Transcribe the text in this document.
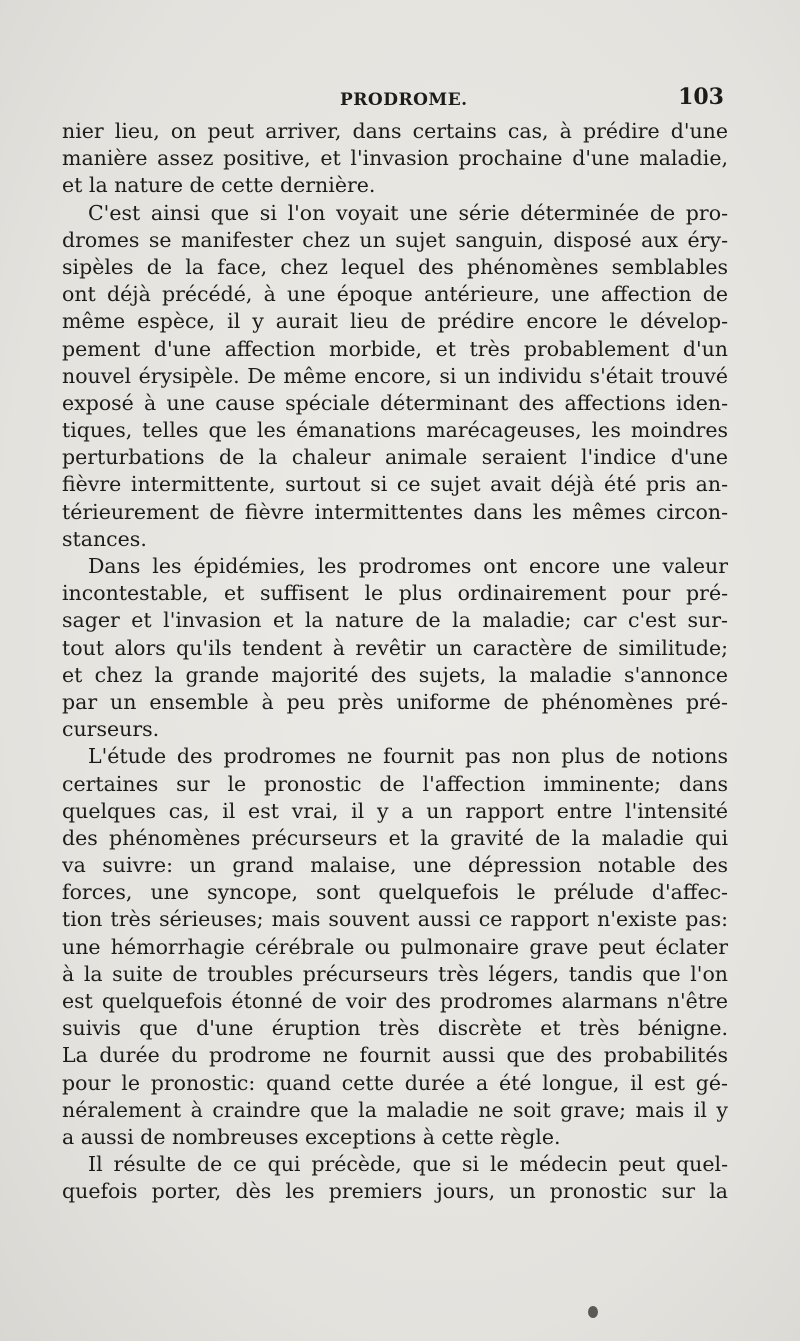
PRODROME.	103
nier lieu, on peut arriver, dans certains cas, à prédire d'une
manière assez positive, et l'invasion prochaine d'une maladie,
et la nature de cette dernière.
C'est ainsi que si l'on voyait une série déterminée de pro-
dromes se manifester chez un sujet sanguin, disposé aux éry-
sipèles de la face, chez lequel des phénomènes semblables
ont déjà précédé, à une époque antérieure, une affection de
même espèce, il y aurait lieu de prédire encore le dévelop-
pement d'une affection morbide, et très probablement d'un
nouvel érysipèle. De même encore, si un individu s'était trouvé
exposé à une cause spéciale déterminant des affections iden-
tiques, telles que les émanations marécageuses, les moindres
perturbations de la chaleur animale seraient l'indice d'une
fièvre intermittente, surtout si ce sujet avait déjà été pris an-
térieurement de fièvre intermittentes dans les mêmes circon-
stances.
Dans les épidémies, les prodromes ont encore une valeur
incontestable, et suffisent le plus ordinairement pour pré-
sager et l'invasion et la nature de la maladie; car c'est sur-
tout alors qu'ils tendent à revêtir un caractère de similitude;
et chez la grande majorité des sujets, la maladie s'annonce
par un ensemble à peu près uniforme de phénomènes pré-
curseurs.
L'étude des prodromes ne fournit pas non plus de notions
certaines sur le pronostic de l'affection imminente; dans
quelques cas, il est vrai, il y a un rapport entre l'intensité
des phénomènes précurseurs et la gravité de la maladie qui
va suivre: un grand malaise, une dépression notable des
forces, une syncope, sont quelquefois le prélude d'affec-
tion très sérieuses; mais souvent aussi ce rapport n'existe pas:
une hémorrhagie cérébrale ou pulmonaire grave peut éclater
à la suite de troubles précurseurs très légers, tandis que l'on
est quelquefois étonné de voir des prodromes alarmans n'être
suivis que d'une éruption très discrète et très bénigne.
La durée du prodrome ne fournit aussi que des probabilités
pour le pronostic: quand cette durée a été longue, il est gé-
néralement à craindre que la maladie ne soit grave; mais il y
a aussi de nombreuses exceptions à cette règle.
Il résulte de ce qui précède, que si le médecin peut quel-
quefois porter, dès les premiers jours, un pronostic sur la
